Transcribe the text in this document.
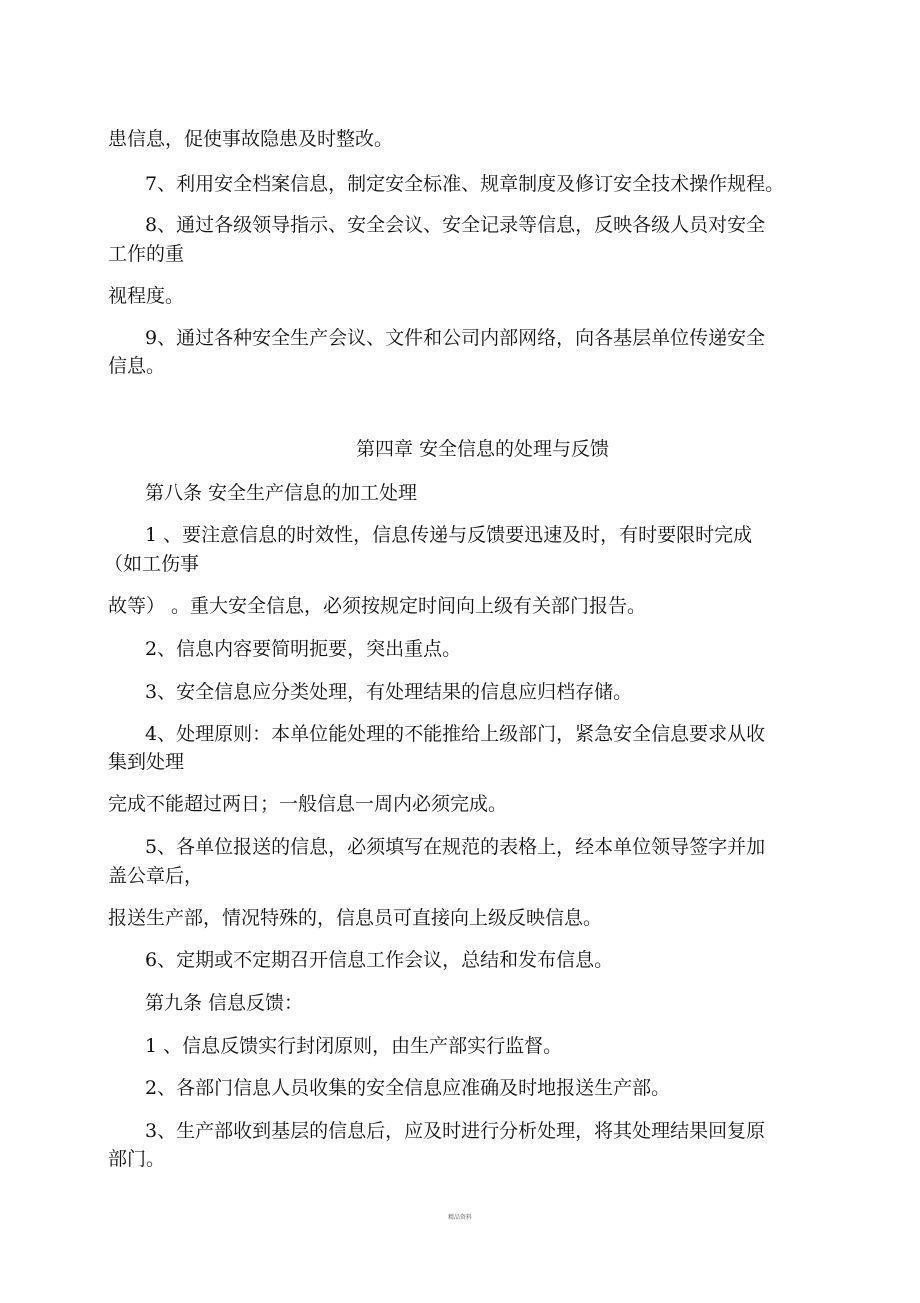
患信息，促使事故隐患及时整改。
7、利用安全档案信息，制定安全标准、规章制度及修订安全技术操作规程。
8、通过各级领导指示、安全会议、安全记录等信息，反映各级人员对安全
工作的重
视程度。
9、通过各种安全生产会议、文件和公司内部网络，向各基层单位传递安全
信息。
第四章 安全信息的处理与反馈
第八条 安全生产信息的加工处理
1 、要注意信息的时效性，信息传递与反馈要迅速及时，有时要限时完成
（如工伤事
故等） 。重大安全信息，必须按规定时间向上级有关部门报告。
2、信息内容要简明扼要，突出重点。
3、安全信息应分类处理，有处理结果的信息应归档存储。
4、处理原则：本单位能处理的不能推给上级部门，紧急安全信息要求从收
集到处理
完成不能超过两日；一般信息一周内必须完成。
5、各单位报送的信息，必须填写在规范的表格上，经本单位领导签字并加
盖公章后，
报送生产部，情况特殊的，信息员可直接向上级反映信息。
6、定期或不定期召开信息工作会议，总结和发布信息。
第九条 信息反馈：
1 、信息反馈实行封闭原则，由生产部实行监督。
2、各部门信息人员收集的安全信息应准确及时地报送生产部。
3、生产部收到基层的信息后，应及时进行分析处理，将其处理结果回复原
部门。
精品资料
